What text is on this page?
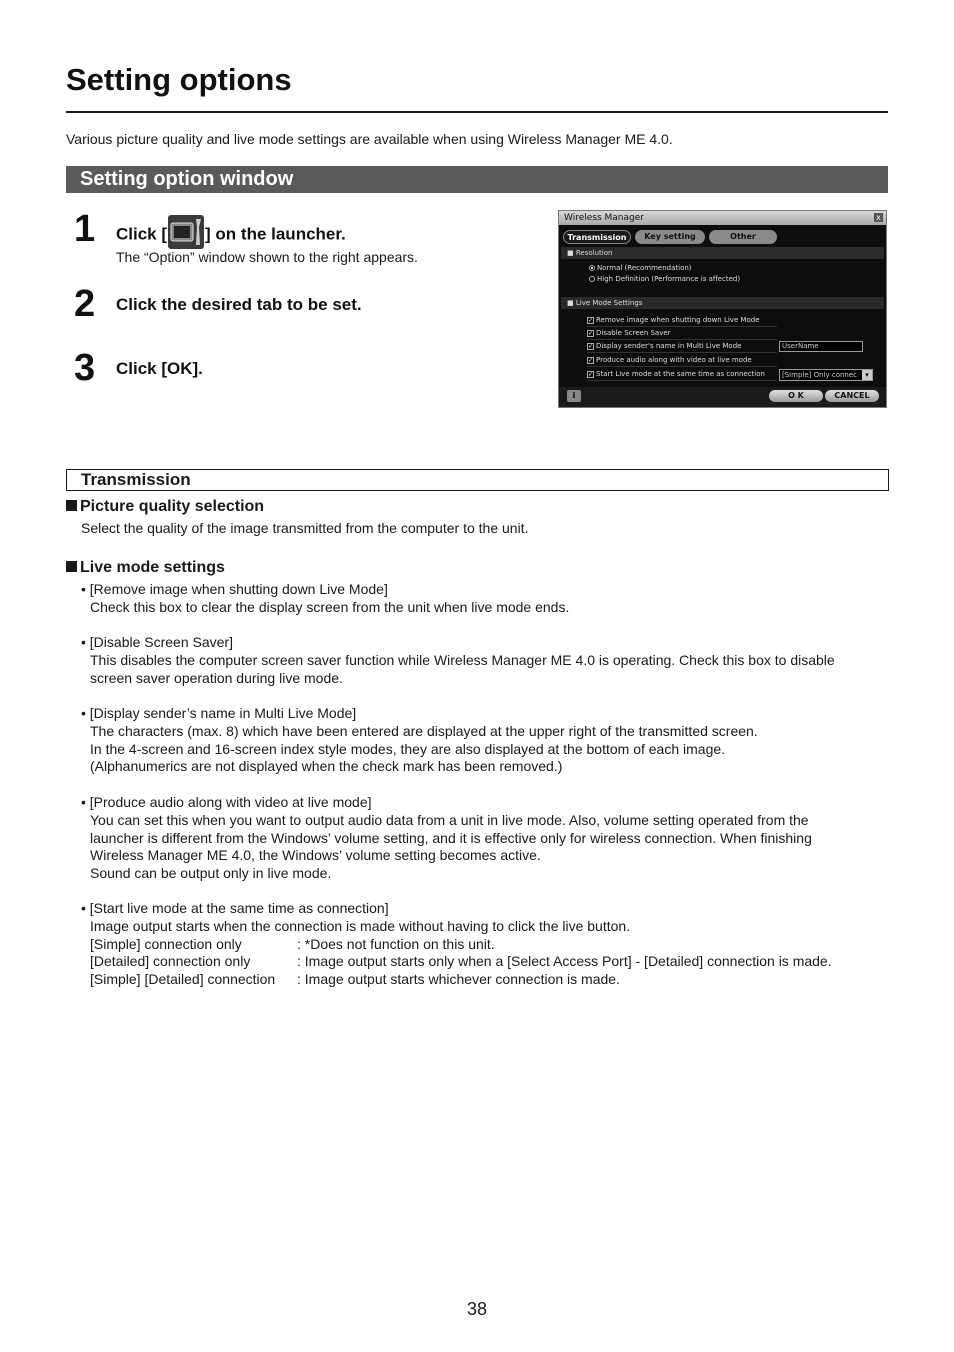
Setting options
Various picture quality and live mode settings are available when using Wireless Manager ME 4.0.
Setting option window
1 Click [ ] on the launcher.
The “Option” window shown to the right appears.
2 Click the desired tab to be set.
3 Click [OK].
Wireless Manager	x
Transmission	Key setting	Other
■ Resolution
Normal (Recommendation)
High Definition (Performance is affected)
■ Live Mode Settings
✓ Remove image when shutting down Live Mode
✓ Disable Screen Saver
✓ Display sender's name in Multi Live Mode
✓ Produce audio along with video at live mode
✓ Start Live mode at the same time as connection
UserName
[Simple] Only connec	▾
i	O K	CANCEL
Transmission
Picture quality selection
Select the quality of the image transmitted from the computer to the unit.
Live mode settings
• [Remove image when shutting down Live Mode]
Check this box to clear the display screen from the unit when live mode ends.
• [Disable Screen Saver]
This disables the computer screen saver function while Wireless Manager ME 4.0 is operating. Check this box to disable
screen saver operation during live mode.
• [Display sender’s name in Multi Live Mode]
The characters (max. 8) which have been entered are displayed at the upper right of the transmitted screen.
In the 4-screen and 16-screen index style modes, they are also displayed at the bottom of each image.
(Alphanumerics are not displayed when the check mark has been removed.)
• [Produce audio along with video at live mode]
You can set this when you want to output audio data from a unit in live mode. Also, volume setting operated from the
launcher is different from the Windows’ volume setting, and it is effective only for wireless connection. When finishing
Wireless Manager ME 4.0, the Windows’ volume setting becomes active.
Sound can be output only in live mode.
• [Start live mode at the same time as connection]
Image output starts when the connection is made without having to click the live button.
[Simple] connection only	: *Does not function on this unit.
[Detailed] connection only	: Image output starts only when a [Select Access Port] - [Detailed] connection is made.
[Simple] [Detailed] connection : Image output starts whichever connection is made.
38
